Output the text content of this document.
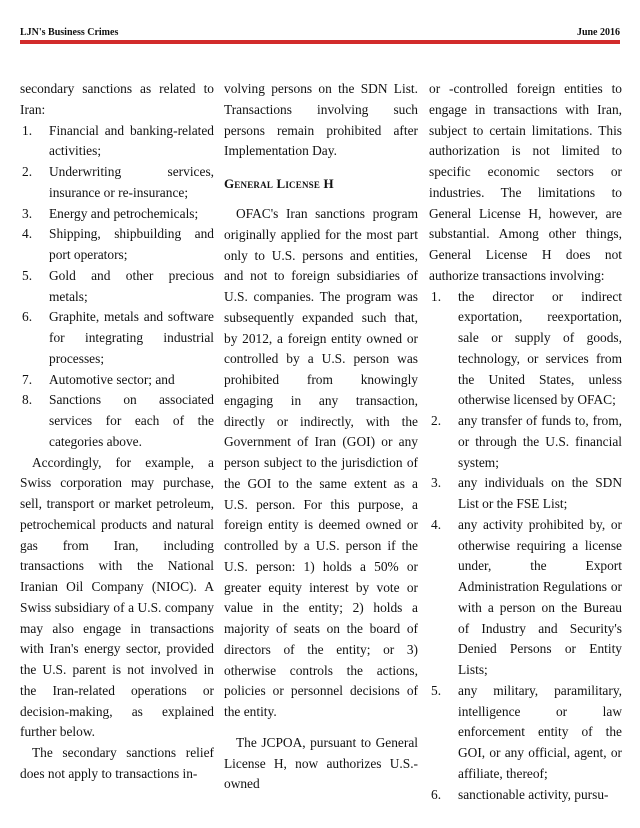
LJN's Business Crimes	June 2016

secondary sanctions as related to Iran:

1. Financial and banking-related activities;
2. Underwriting services, insurance or re-insurance;
3. Energy and petrochemicals;
4. Shipping, shipbuilding and port operators;
5. Gold and other precious metals;
6. Graphite, metals and software for integrating industrial processes;
7. Automotive sector; and
8. Sanctions on associated services for each of the categories above.

Accordingly, for example, a Swiss corporation may purchase, sell, transport or market petroleum, petrochemical products and natural gas from Iran, including transactions with the National Iranian Oil Company (NIOC). A Swiss subsidiary of a U.S. company may also engage in transactions with Iran's energy sector, provided the U.S. parent is not involved in the Iran-related operations or decision-making, as explained further below.

The secondary sanctions relief does not apply to transactions in-

volving persons on the SDN List. Transactions involving such persons remain prohibited after Implementation Day.

General License H

OFAC's Iran sanctions program originally applied for the most part only to U.S. persons and entities, and not to foreign subsidiaries of U.S. companies. The program was subsequently expanded such that, by 2012, a foreign entity owned or controlled by a U.S. person was prohibited from knowingly engaging in any transaction, directly or indirectly, with the Government of Iran (GOI) or any person subject to the jurisdiction of the GOI to the same extent as a U.S. person. For this purpose, a foreign entity is deemed owned or controlled by a U.S. person if the U.S. person: 1) holds a 50% or greater equity interest by vote or value in the entity; 2) holds a majority of seats on the board of directors of the entity; or 3) otherwise controls the actions, policies or personnel decisions of the entity.

The JCPOA, pursuant to General License H, now authorizes U.S.-owned

or -controlled foreign entities to engage in transactions with Iran, subject to certain limitations. This authorization is not limited to specific economic sectors or industries. The limitations to General License H, however, are substantial. Among other things, General License H does not authorize transactions involving:

1. the director or indirect exportation, reexportation, sale or supply of goods, technology, or services from the United States, unless otherwise licensed by OFAC;
2. any transfer of funds to, from, or through the U.S. financial system;
3. any individuals on the SDN List or the FSE List;
4. any activity prohibited by, or otherwise requiring a license under, the Export Administration Regulations or with a person on the Bureau of Industry and Security's Denied Persons or Entity Lists;
5. any military, paramilitary, intelligence or law enforcement entity of the GOI, or any official, agent, or affiliate, thereof;
6. sanctionable activity, pursu-
